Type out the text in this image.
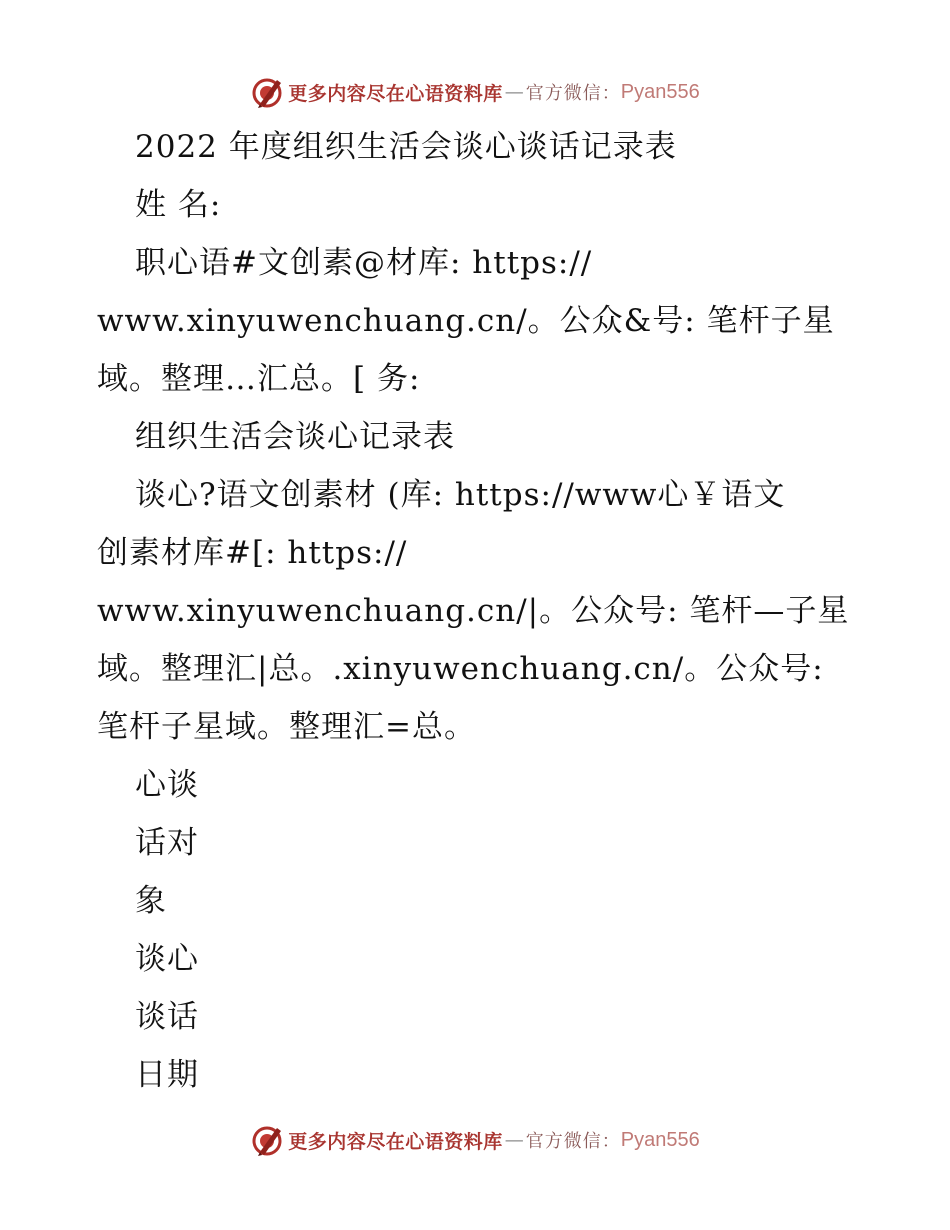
更多内容尽在心语资料库 — 官方微信： Pyan556
2022 年度组织生活会谈心谈话记录表
姓 名:
职心语#文创素@材库: https://
www.xinyuwenchuang.cn/。公众&号: 笔杆子星
域。整理…汇总。[ 务:
组织生活会谈心记录表
谈心?语文创素材 (库: https://www心￥语文
创素材库#[: https://
www.xinyuwenchuang.cn/|。公众号: 笔杆—子星
域。整理汇|总。.xinyuwenchuang.cn/。公众号:
笔杆子星域。整理汇=总。
心谈
话对
象
谈心
谈话
日期
更多内容尽在心语资料库 — 官方微信： Pyan556
